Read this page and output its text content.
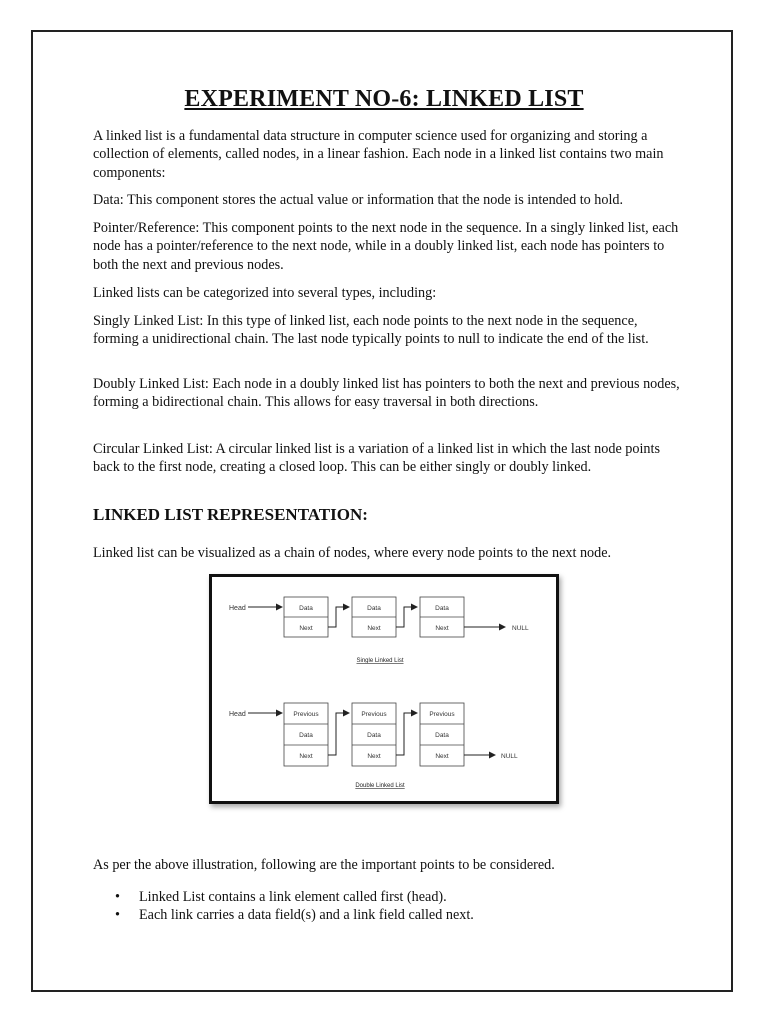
EXPERIMENT NO-6: LINKED LIST

A linked list is a fundamental data structure in computer science used for organizing and storing a collection of elements, called nodes, in a linear fashion. Each node in a linked list contains two main components:

Data: This component stores the actual value or information that the node is intended to hold.

Pointer/Reference: This component points to the next node in the sequence. In a singly linked list, each node has a pointer/reference to the next node, while in a doubly linked list, each node has pointers to both the next and previous nodes.

Linked lists can be categorized into several types, including:

Singly Linked List: In this type of linked list, each node points to the next node in the sequence, forming a unidirectional chain. The last node typically points to null to indicate the end of the list.

Doubly Linked List: Each node in a doubly linked list has pointers to both the next and previous nodes, forming a bidirectional chain. This allows for easy traversal in both directions.

Circular Linked List: A circular linked list is a variation of a linked list in which the last node points back to the first node, creating a closed loop. This can be either singly or doubly linked.

LINKED LIST REPRESENTATION:

Linked list can be visualized as a chain of nodes, where every node points to the next node.

Head	Data
Next
Data
Next
Data
Next	NULL
Single Linked List
Head	Previous
Data
Next
Previous
Data
Next
Previous
Data
Next	NULL
Double Linked List

As per the above illustration, following are the important points to be considered.

• Linked List contains a link element called first (head).
• Each link carries a data field(s) and a link field called next.
